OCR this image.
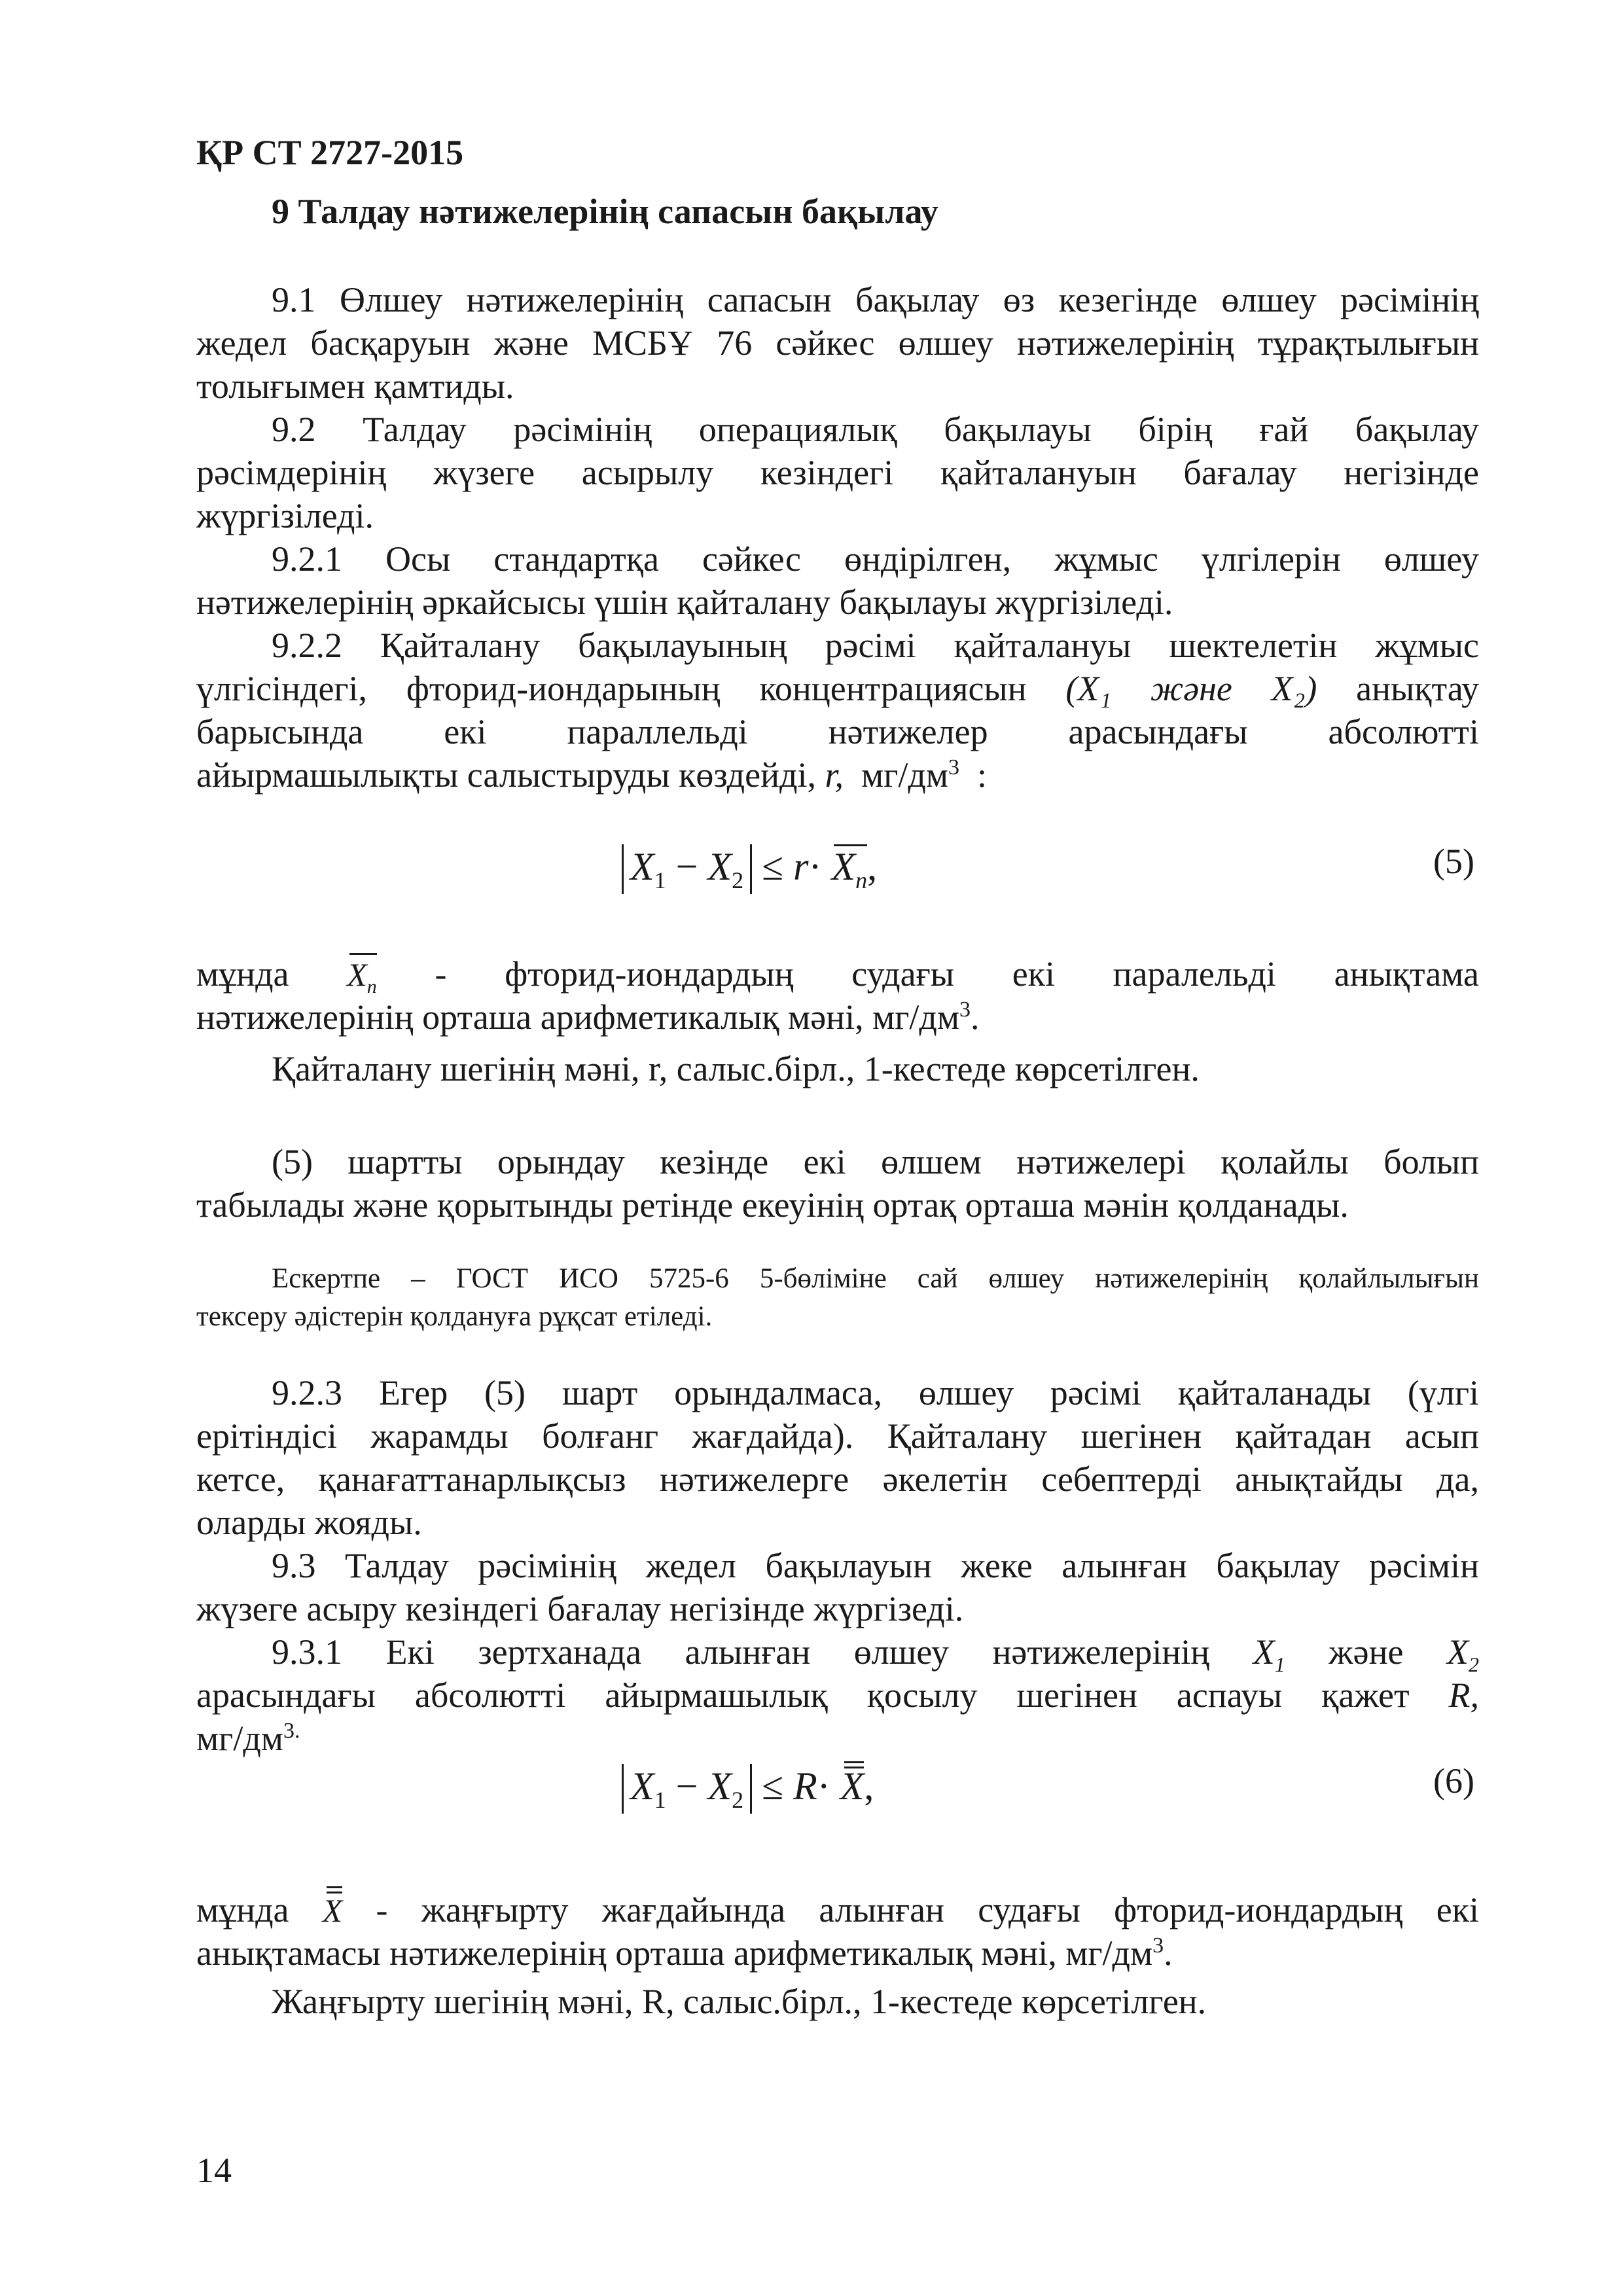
ҚР СТ 2727-2015
9 Талдау нәтижелерінің сапасын бақылау
9.1 Өлшеу нәтижелерінің сапасын бақылау өз кезегінде өлшеу рәсімінің
жедел басқаруын және МСБҰ 76 сәйкес өлшеу нәтижелерінің тұрақтылығын
толығымен қамтиды.
9.2 Талдау рәсімінің операциялық бақылауы бірің ғай бақылау
рәсімдерінің жүзеге асырылу кезіндегі қайталануын бағалау негізінде
жүргізіледі.
9.2.1 Осы стандартқа сәйкес өндірілген, жұмыс үлгілерін өлшеу
нәтижелерінің әркайсысы үшін қайталану бақылауы жүргізіледі.
9.2.2 Қайталану бақылауының рәсімі қайталануы шектелетін жұмыс
үлгісіндегі, фторид-иондарының концентрациясын (X₁ және X₂) анықтау
барысында екі параллельді нәтижелер арасындағы абсолютті
айырмашылықты салыстыруды көздейді, r, $мг/дм^3$ :
$X_1 - X_2 \le r\cdot X_n$,	(5)
мұнда $X_n$ - фторид-иондардың судағы екі паралельді анықтама
нәтижелерінің орташа арифметикалық мәні, $мг/дм^3$.
Қайталану шегінің мәні, r, салыс.бірл., 1-кестеде көрсетілген.
(5) шартты орындау кезінде екі өлшем нәтижелері қолайлы болып
табылады және қорытынды ретінде екеуінің ортақ орташа мәнін қолданады.
Ескертпе – ГОСТ ИСО 5725-6 5-бөліміне сай өлшеу нәтижелерінің қолайлылығын
тексеру әдістерін қолдануға рұқсат етіледі.
9.2.3 Егер (5) шарт орындалмаса, өлшеу рәсімі қайталанады (үлгі
ерітіндісі жарамды болғанг жағдайда). Қайталану шегінен қайтадан асып
кетсе, қанағаттанарлықсыз нәтижелерге әкелетін себептерді анықтайды да,
оларды жояды.
9.3 Талдау рәсімінің жедел бақылауын жеке алынған бақылау рәсімін
жүзеге асыру кезіндегі бағалау негізінде жүргізеді.
9.3.1 Екі зертханада алынған өлшеу нәтижелерінің $X_1$ және $X_2$
арасындағы абсолютті айырмашылық қосылу шегінен аспауы қажет R,
$мг/дм^{3.}$
$X_1 - X_2 \le R\cdot X$,	(6)
мұнда X - жаңғырту жағдайында алынған судағы фторид-иондардың екі
анықтамасы нәтижелерінің орташа арифметикалық мәні, $мг/дм^3$.
Жаңғырту шегінің мәні, R, салыс.бірл., 1-кестеде көрсетілген.
14
